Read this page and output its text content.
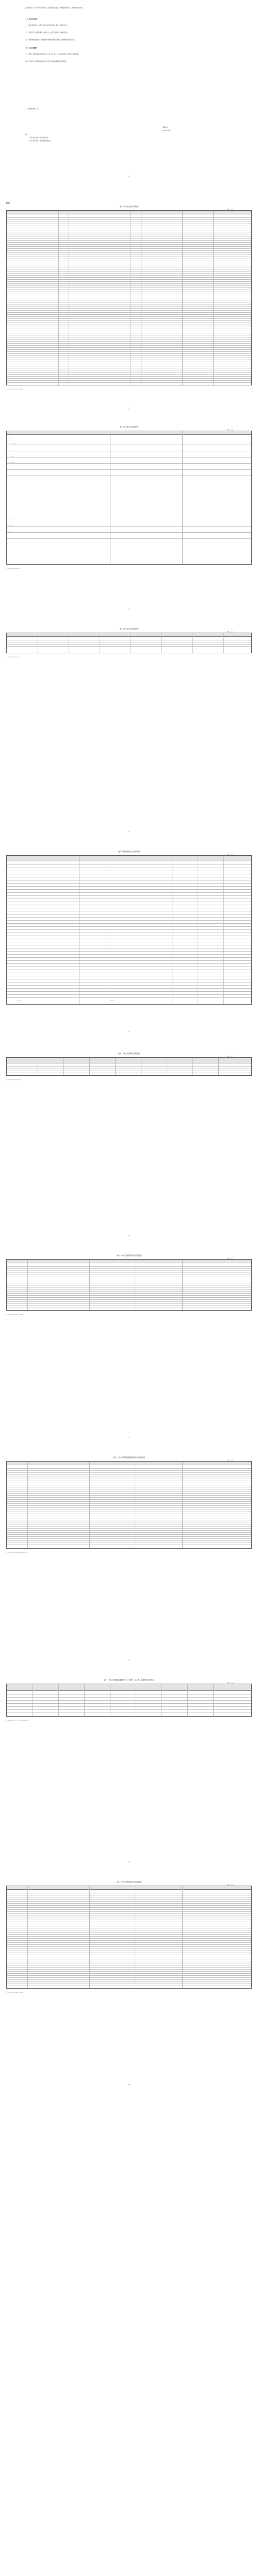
工资福利支出、对个人和家庭的补助、商品和服务支出等，严格按照预算执行，保障机构正常运转。
（一）机关运行经费
（二）政府采购情况：本部门严格执行政府采购有关规定，规范采购行为。
（三）国有资产占有使用情况：截至年末，本部门国有资产总体情况良好。
（四）预算绩效管理情况：按照要求开展预算绩效目标管理，加强绩效评价结果应用。
（五）专业名词解释
“三公”经费：指用财政拨款安排的因公出国（境）费、公务用车购置及运行费和公务接待费。
机关运行经费：指为保障行政单位运行用于购买货物和服务的各项资金。
八、其他说明事项：无。
某某单位
2020年 月 日
附件：
1.部门收支总表 2.部门收入总表
3.部门支出总表 4.财政拨款收支总表
1
附件1
表一 部门收支总体情况表
单位：万元
注：本表反映部门年度总体收支预算情况。
2
表二 部门收入总体情况表
单位：万元
项目
一、财政拨款收入
二、事业收入
三、经营收入
四、其他收入
收入合计
上年结转
合计
注：本表反映部门收入总体情况。
3
表三 部门支出总体情况表
单位：万元
注：本表反映部门支出总体情况。
4
表四 财政拨款收支总体情况表
单位：万元
收入总计	支出总计
5
表五 一般公共预算支出情况表
单位：万元
注：本表反映一般公共预算支出情况。
6
表六 一般公共预算基本支出情况表
单位：万元
注：本表反映一般公共预算基本支出情况。
7
表七 一般公共预算财政拨款基本支出情况表
单位：万元
注：本表反映一般公共预算财政拨款基本支出情况。
8
表八 一般公共预算财政拨款“三公”经费、会议费、培训费支出情况表
单位：万元
注：本表反映“三公”经费、会议费、培训费支出情况。
9
表九 一般公共预算项目支出情况表
单位：万元
注：本表反映一般公共预算项目支出情况。
10
